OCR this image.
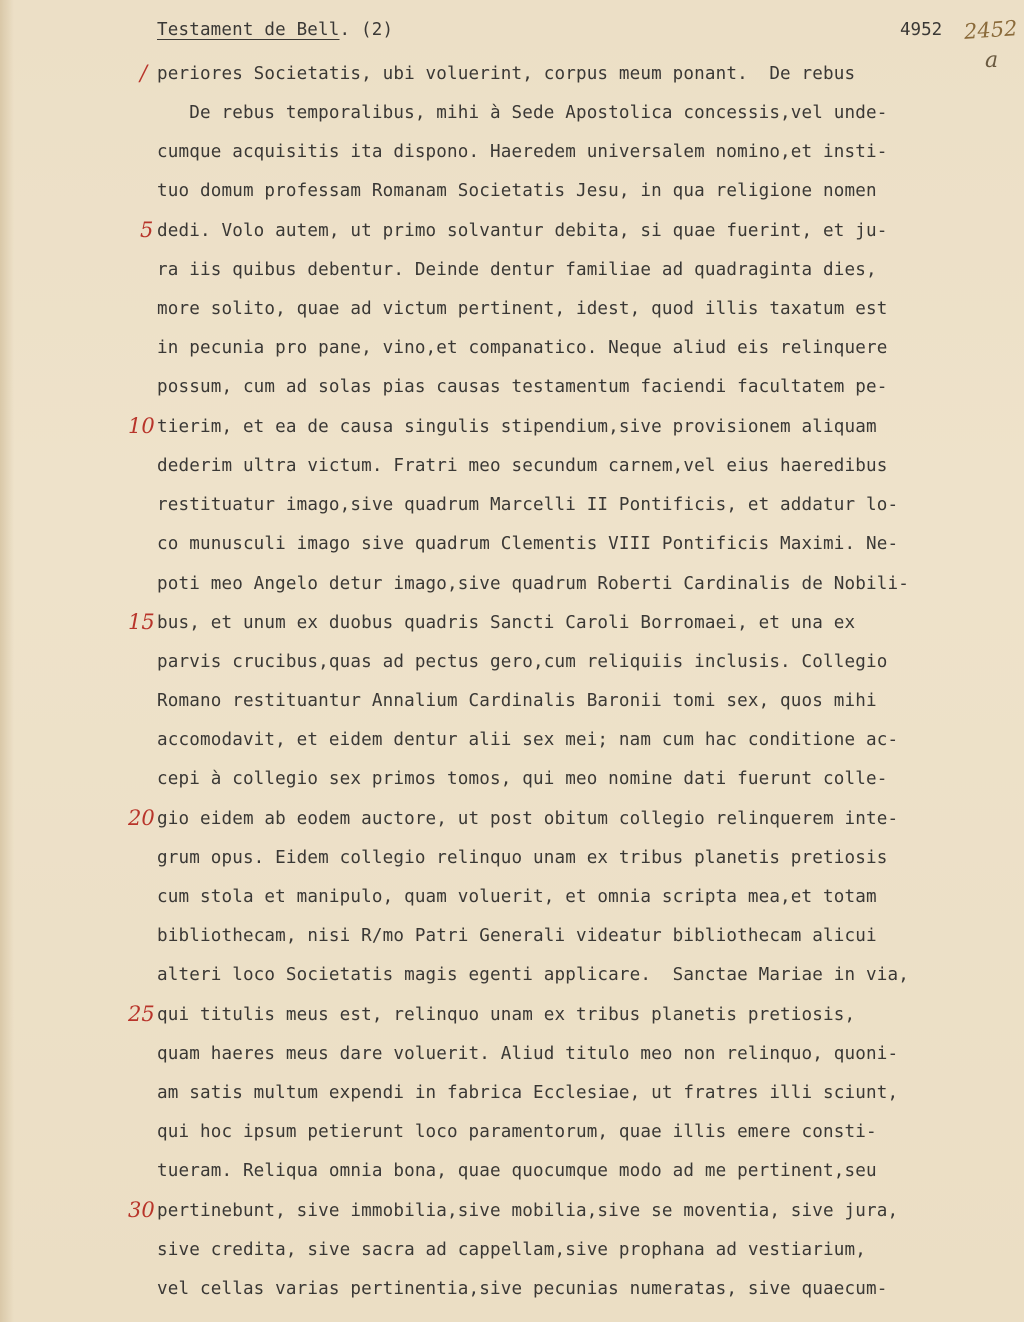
Testament de Bell. (2)	4952 2452
a
/
5
10
15
20
25
30
periores Societatis, ubi voluerint, corpus meum ponant.  De rebus
De rebus temporalibus, mihi à Sede Apostolica concessis,vel unde-
cumque acquisitis ita dispono. Haeredem universalem nomino,et insti-
tuo domum professam Romanam Societatis Jesu, in qua religione nomen
dedi. Volo autem, ut primo solvantur debita, si quae fuerint, et ju-
ra iis quibus debentur. Deinde dentur familiae ad quadraginta dies,
more solito, quae ad victum pertinent, idest, quod illis taxatum est
in pecunia pro pane, vino,et companatico. Neque aliud eis relinquere
possum, cum ad solas pias causas testamentum faciendi facultatem pe-
tierim, et ea de causa singulis stipendium,sive provisionem aliquam
dederim ultra victum. Fratri meo secundum carnem,vel eius haeredibus
restituatur imago,sive quadrum Marcelli II Pontificis, et addatur lo-
co munusculi imago sive quadrum Clementis VIII Pontificis Maximi. Ne-
poti meo Angelo detur imago,sive quadrum Roberti Cardinalis de Nobili-
bus, et unum ex duobus quadris Sancti Caroli Borromaei, et una ex
parvis crucibus,quas ad pectus gero,cum reliquiis inclusis. Collegio
Romano restituantur Annalium Cardinalis Baronii tomi sex, quos mihi
accomodavit, et eidem dentur alii sex mei; nam cum hac conditione ac-
cepi à collegio sex primos tomos, qui meo nomine dati fuerunt colle-
gio eidem ab eodem auctore, ut post obitum collegio relinquerem inte-
grum opus. Eidem collegio relinquo unam ex tribus planetis pretiosis
cum stola et manipulo, quam voluerit, et omnia scripta mea,et totam
bibliothecam, nisi R/mo Patri Generali videatur bibliothecam alicui
alteri loco Societatis magis egenti applicare.  Sanctae Mariae in via,
qui titulis meus est, relinquo unam ex tribus planetis pretiosis,
quam haeres meus dare voluerit. Aliud titulo meo non relinquo, quoni-
am satis multum expendi in fabrica Ecclesiae, ut fratres illi sciunt,
qui hoc ipsum petierunt loco paramentorum, quae illis emere consti-
tueram. Reliqua omnia bona, quae quocumque modo ad me pertinent,seu
pertinebunt, sive immobilia,sive mobilia,sive se moventia, sive jura,
sive credita, sive sacra ad cappellam,sive prophana ad vestiarium,
vel cellas varias pertinentia,sive pecunias numeratas, sive quaecum-
